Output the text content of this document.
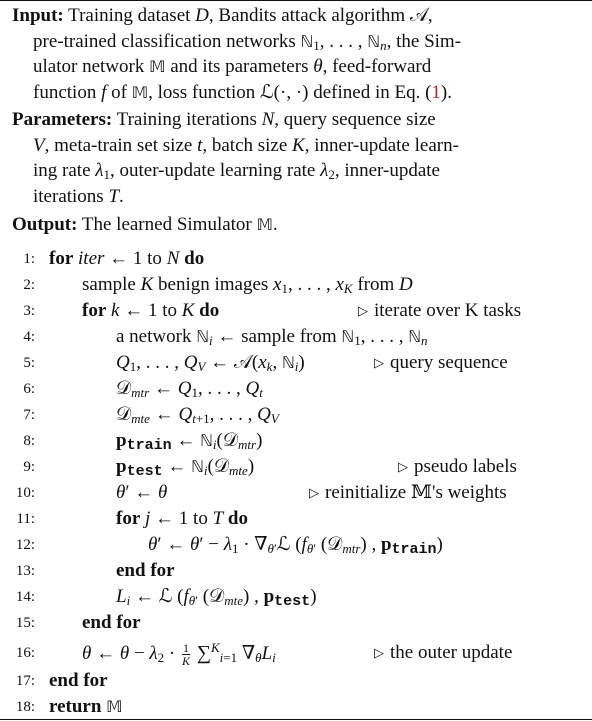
Input: Training dataset D, Bandits attack algorithm 𝒜,
pre-trained classification networks ℕ$_1$, . . . , ℕ$_n$, the Sim-
ulator network 𝕄 and its parameters θ, feed-forward
function f of 𝕄, loss function ℒ(·, ·) defined in Eq. (1).
Parameters: Training iterations N, query sequence size
V, meta-train set size t, batch size K, inner-update learn-
ing rate $\lambda_1$, outer-update learning rate $\lambda_2$, inner-update
iterations T.
Output: The learned Simulator 𝕄.
1: for iter ← 1 to N do
2: sample K benign images $x_1$, . . . , $x_K$ from D
3: for k ← 1 to K do	▷ iterate over K tasks
4:	a network ℕ$_i$ ← sample from ℕ$_1$, . . . , ℕ$_n$
5:	$Q_1$, . . . , $Q_V$ ← $𝒜(x_k$, ℕ$_i$)	▷ query sequence
6:	𝒟$_{mtr}$ ← $Q_1$, . . . , $Q_t$
7:	𝒟$_{mte}$ ← $Q_{t+1}$, . . . , $Q_V$
8:	$p_{train}$ ← ℕ$_i$(𝒟$_{mtr}$)
9:	$p_{test}$ ← ℕ$_i$(𝒟$_{mte}$)	▷ pseudo labels
10:	θ′ ← θ	▷ reinitialize 𝕄's weights
11:	for j ← 1 to T do
12:	θ′ ← $\theta' - \lambda_1$ · $\nabla_{\theta'}ℒ$ ($f_{\theta'}$ (𝒟$_{mtr}$) , $p_{train}$)
13:	end for
14:	$L_i$ ← ℒ ($f_{\theta'}$ (𝒟$_{mte}$) , $p_{test}$)
15: end for
16: θ ← $\theta - \lambda_2 \cdot \frac{1}{K} \sum^K_{i=1}$ $\nabla_\theta L_i$	▷ the outer update
17: end for
18: return 𝕄
